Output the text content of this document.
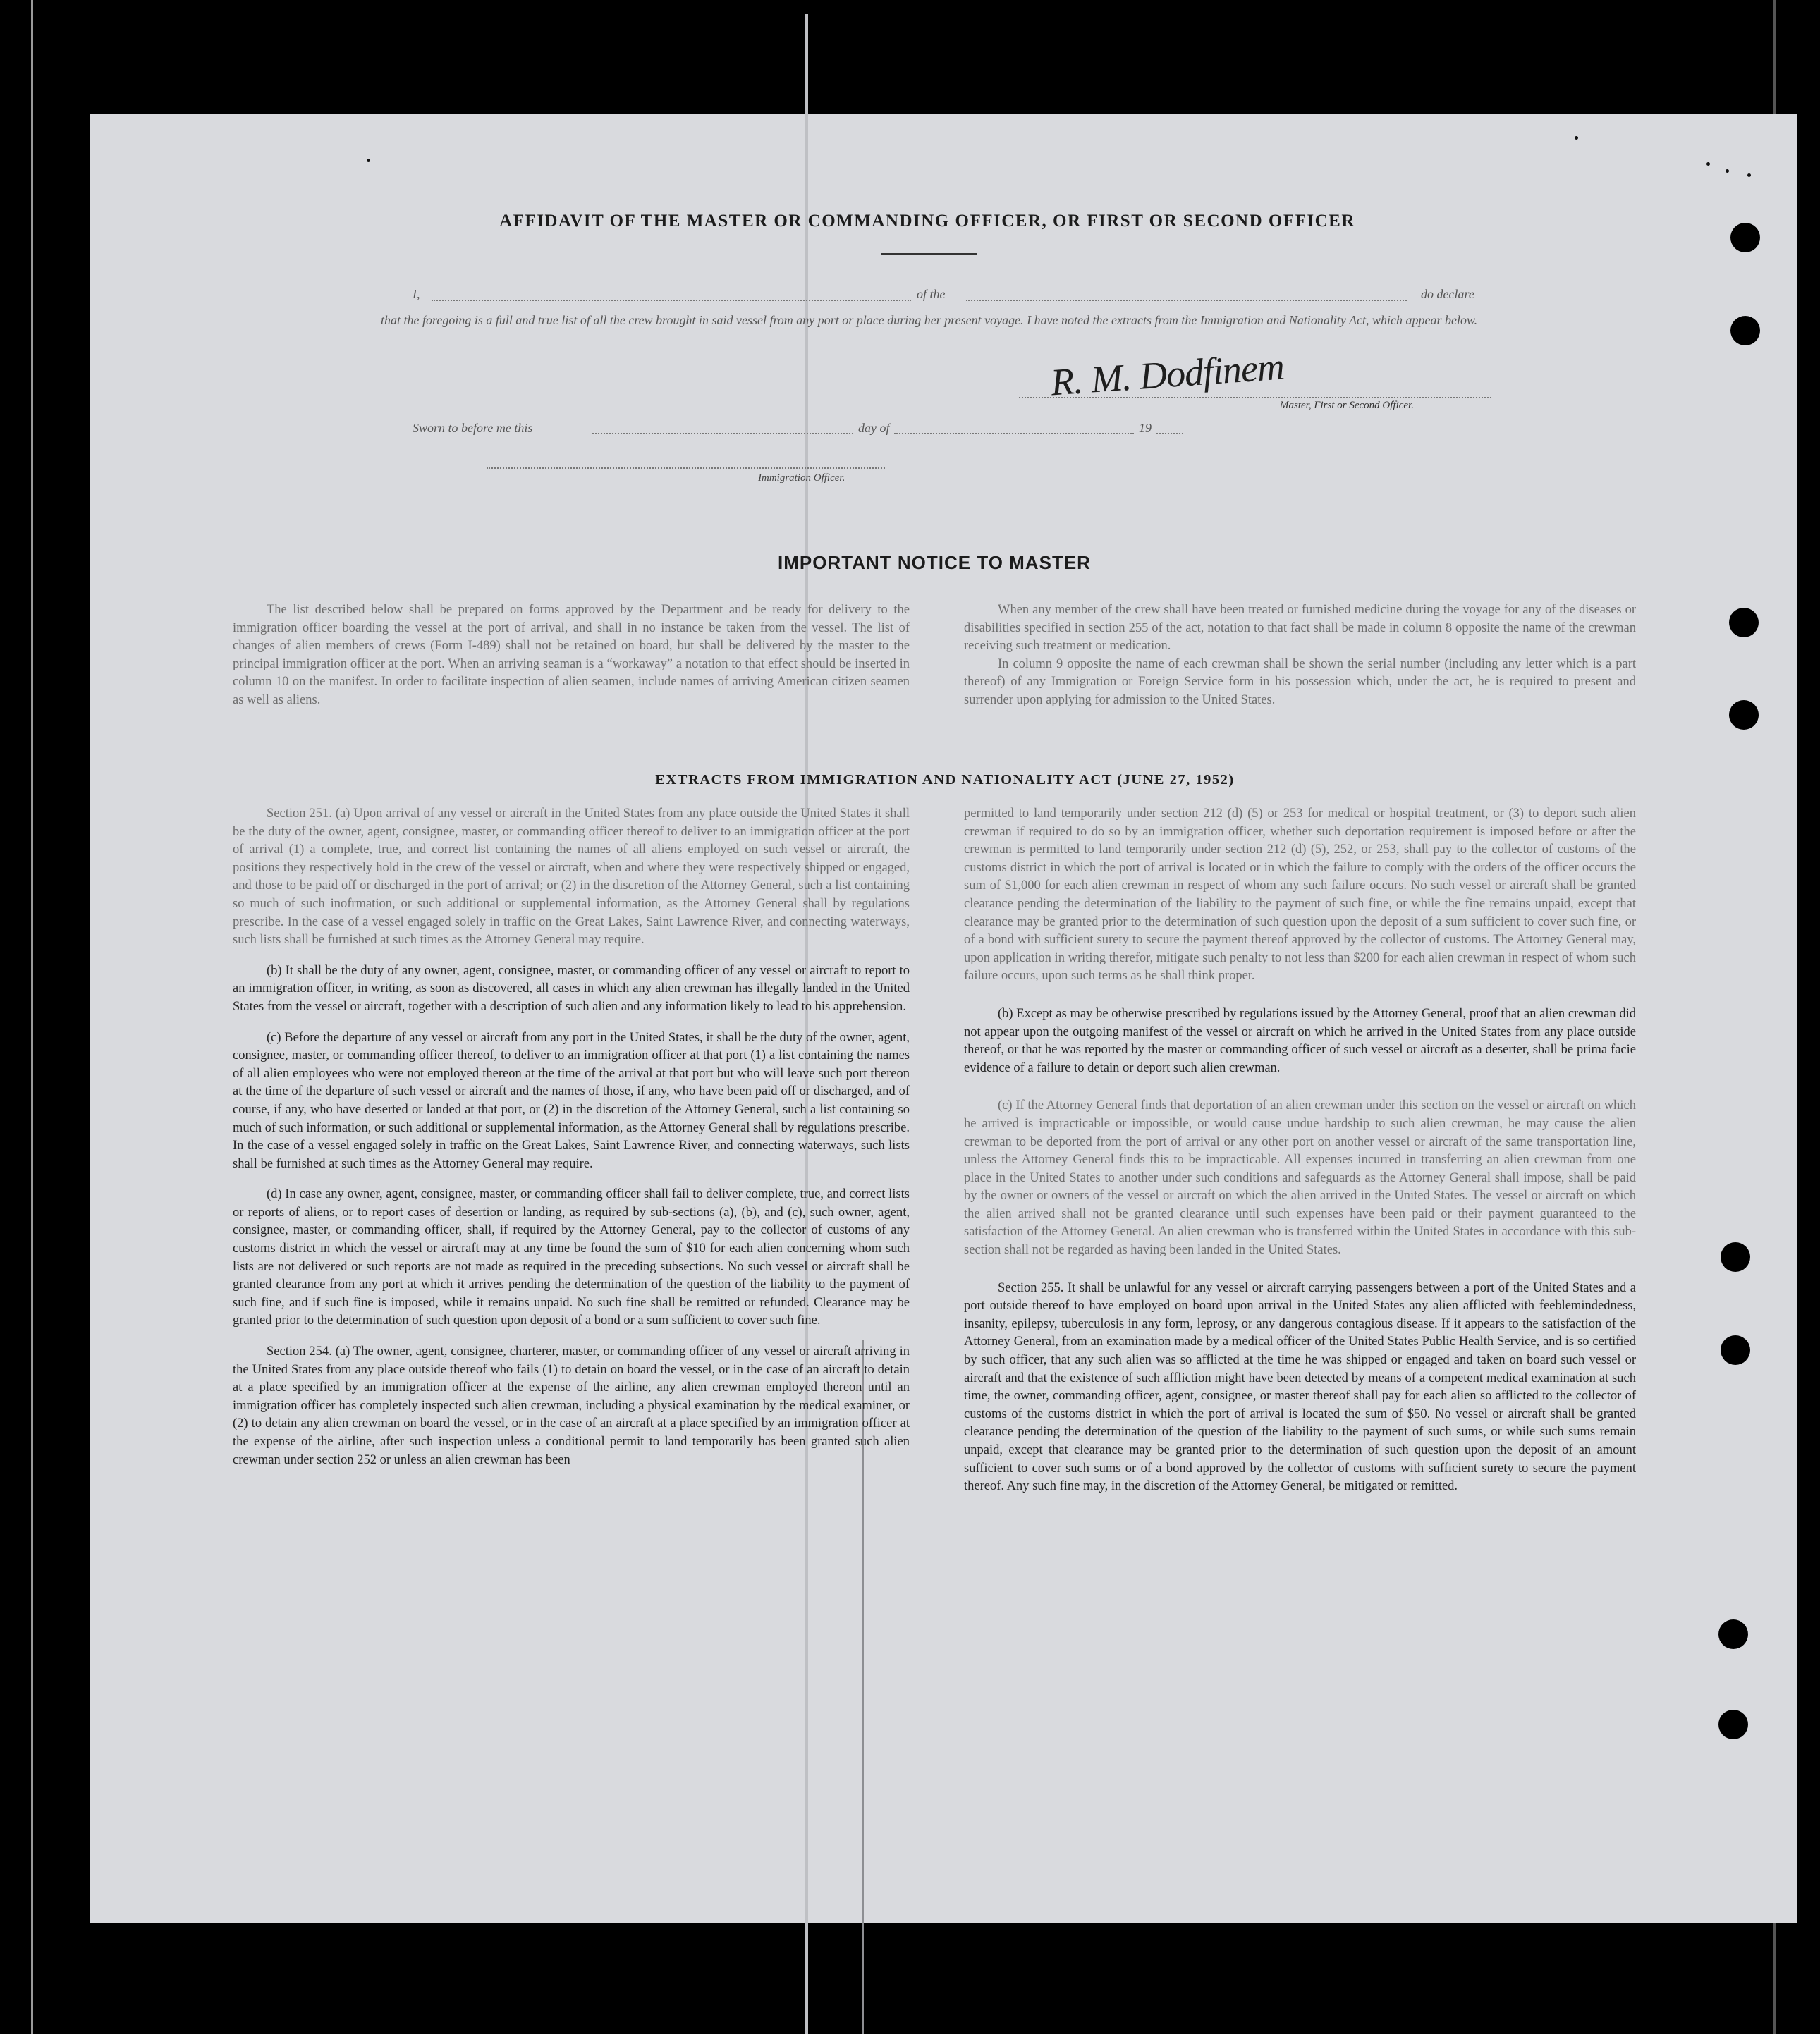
AFFIDAVIT OF THE MASTER OR COMMANDING OFFICER, OR FIRST OR SECOND OFFICER
I,	of the	do declare
that the foregoing is a full and true list of all the crew brought in said vessel from any port or place during her present voyage. I have noted the extracts from the Immigration and Nationality Act, which appear below.
R. M. Dodfinem
Master, First or Second Officer.
Sworn to before me this	day of	19
Immigration Officer.
IMPORTANT NOTICE TO MASTER

The list described below shall be prepared on forms approved by the Department and be ready for delivery to the immigration officer boarding the vessel at the port of arrival, and shall in no instance be taken from the vessel. The list of changes of alien members of crews (Form I-489) shall not be retained on board, but shall be delivered by the master to the principal immigration officer at the port. When an arriving seaman is a “workaway” a notation to that effect should be inserted in column 10 on the manifest. In order to facilitate inspection of alien seamen, include names of arriving American citizen seamen as well as aliens.

When any member of the crew shall have been treated or furnished medicine during the voyage for any of the diseases or disabilities specified in section 255 of the act, notation to that fact shall be made in column 8 opposite the name of the crewman receiving such treatment or medication.

In column 9 opposite the name of each crewman shall be shown the serial number (including any letter which is a part thereof) of any Immigration or Foreign Service form in his possession which, under the act, he is required to present and surrender upon applying for admission to the United States.

EXTRACTS FROM IMMIGRATION AND NATIONALITY ACT (JUNE 27, 1952)

Section 251. (a) Upon arrival of any vessel or aircraft in the United States from any place outside the United States it shall be the duty of the owner, agent, consignee, master, or commanding officer thereof to deliver to an immigration officer at the port of arrival (1) a complete, true, and correct list containing the names of all aliens employed on such vessel or aircraft, the positions they respectively hold in the crew of the vessel or aircraft, when and where they were respectively shipped or engaged, and those to be paid off or discharged in the port of arrival; or (2) in the discretion of the Attorney General, such a list containing so much of such inofrmation, or such additional or supplemental information, as the Attorney General shall by regulations prescribe. In the case of a vessel engaged solely in traffic on the Great Lakes, Saint Lawrence River, and connecting waterways, such lists shall be furnished at such times as the Attorney General may require.

(b) It shall be the duty of any owner, agent, consignee, master, or commanding officer of any vessel or aircraft to report to an immigration officer, in writing, as soon as discovered, all cases in which any alien crewman has illegally landed in the United States from the vessel or aircraft, together with a description of such alien and any information likely to lead to his apprehension.

(c) Before the departure of any vessel or aircraft from any port in the United States, it shall be the duty of the owner, agent, consignee, master, or commanding officer thereof, to deliver to an immigration officer at that port (1) a list containing the names of all alien employees who were not employed thereon at the time of the arrival at that port but who will leave such port thereon at the time of the departure of such vessel or aircraft and the names of those, if any, who have been paid off or discharged, and of course, if any, who have deserted or landed at that port, or (2) in the discretion of the Attorney General, such a list containing so much of such information, or such additional or supplemental information, as the Attorney General shall by regulations prescribe. In the case of a vessel engaged solely in traffic on the Great Lakes, Saint Lawrence River, and connecting waterways, such lists shall be furnished at such times as the Attorney General may require.

(d) In case any owner, agent, consignee, master, or commanding officer shall fail to deliver complete, true, and correct lists or reports of aliens, or to report cases of desertion or landing, as required by sub-sections (a), (b), and (c), such owner, agent, consignee, master, or commanding officer, shall, if required by the Attorney General, pay to the collector of customs of any customs district in which the vessel or aircraft may at any time be found the sum of $10 for each alien concerning whom such lists are not delivered or such reports are not made as required in the preceding subsections. No such vessel or aircraft shall be granted clearance from any port at which it arrives pending the determination of the question of the liability to the payment of such fine, and if such fine is imposed, while it remains unpaid. No such fine shall be remitted or refunded. Clearance may be granted prior to the determination of such question upon deposit of a bond or a sum sufficient to cover such fine.

Section 254. (a) The owner, agent, consignee, charterer, master, or commanding officer of any vessel or aircraft arriving in the United States from any place outside thereof who fails (1) to detain on board the vessel, or in the case of an aircraft to detain at a place specified by an immigration officer at the expense of the airline, any alien crewman employed thereon until an immigration officer has completely inspected such alien crewman, including a physical examination by the medical examiner, or (2) to detain any alien crewman on board the vessel, or in the case of an aircraft at a place specified by an immigration officer at the expense of the airline, after such inspection unless a conditional permit to land temporarily has been granted such alien crewman under section 252 or unless an alien crewman has been

permitted to land temporarily under section 212 (d) (5) or 253 for medical or hospital treatment, or (3) to deport such alien crewman if required to do so by an immigration officer, whether such deportation requirement is imposed before or after the crewman is permitted to land temporarily under section 212 (d) (5), 252, or 253, shall pay to the collector of customs of the customs district in which the port of arrival is located or in which the failure to comply with the orders of the officer occurs the sum of $1,000 for each alien crewman in respect of whom any such failure occurs. No such vessel or aircraft shall be granted clearance pending the determination of the liability to the payment of such fine, or while the fine remains unpaid, except that clearance may be granted prior to the determination of such question upon the deposit of a sum sufficient to cover such fine, or of a bond with sufficient surety to secure the payment thereof approved by the collector of customs. The Attorney General may, upon application in writing therefor, mitigate such penalty to not less than $200 for each alien crewman in respect of whom such failure occurs, upon such terms as he shall think proper.

(b) Except as may be otherwise prescribed by regulations issued by the Attorney General, proof that an alien crewman did not appear upon the outgoing manifest of the vessel or aircraft on which he arrived in the United States from any place outside thereof, or that he was reported by the master or commanding officer of such vessel or aircraft as a deserter, shall be prima facie evidence of a failure to detain or deport such alien crewman.

(c) If the Attorney General finds that deportation of an alien crewman under this section on the vessel or aircraft on which he arrived is impracticable or impossible, or would cause undue hardship to such alien crewman, he may cause the alien crewman to be deported from the port of arrival or any other port on another vessel or aircraft of the same transportation line, unless the Attorney General finds this to be impracticable. All expenses incurred in transferring an alien crewman from one place in the United States to another under such conditions and safeguards as the Attorney General shall impose, shall be paid by the owner or owners of the vessel or aircraft on which the alien arrived in the United States. The vessel or aircraft on which the alien arrived shall not be granted clearance until such expenses have been paid or their payment guaranteed to the satisfaction of the Attorney General. An alien crewman who is transferred within the United States in accordance with this sub-section shall not be regarded as having been landed in the United States.

Section 255. It shall be unlawful for any vessel or aircraft carrying passengers between a port of the United States and a port outside thereof to have employed on board upon arrival in the United States any alien afflicted with feeblemindedness, insanity, epilepsy, tuberculosis in any form, leprosy, or any dangerous contagious disease. If it appears to the satisfaction of the Attorney General, from an examination made by a medical officer of the United States Public Health Service, and is so certified by such officer, that any such alien was so afflicted at the time he was shipped or engaged and taken on board such vessel or aircraft and that the existence of such affliction might have been detected by means of a competent medical examination at such time, the owner, commanding officer, agent, consignee, or master thereof shall pay for each alien so afflicted to the collector of customs of the customs district in which the port of arrival is located the sum of $50. No vessel or aircraft shall be granted clearance pending the determination of the question of the liability to the payment of such sums, or while such sums remain unpaid, except that clearance may be granted prior to the determination of such question upon the deposit of an amount sufficient to cover such sums or of a bond approved by the collector of customs with sufficient surety to secure the payment thereof. Any such fine may, in the discretion of the Attorney General, be mitigated or remitted.
